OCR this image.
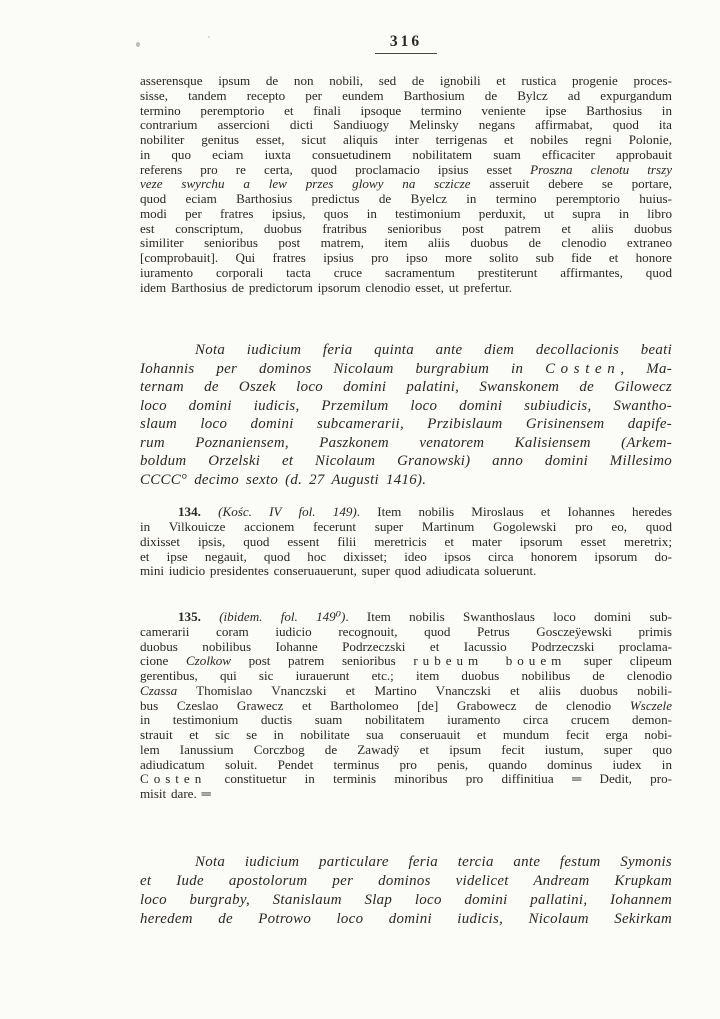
316
asserensque ipsum de non nobili, sed de ignobili et rustica progenie proces-
sisse, tandem recepto per eundem Barthosium de Bylcz ad expurgandum
termino peremptorio et finali ipsoque termino veniente ipse Barthosius in
contrarium assercioni dicti Sandiuogy Melinsky negans affirmabat, quod ita
nobiliter genitus esset, sicut aliquis inter terrigenas et nobiles regni Polonie,
in quo eciam iuxta consuetudinem nobilitatem suam efficaciter approbauit
referens pro re certa, quod proclamacio ipsius esset Proszna clenotu trszy
veze swyrchu a lew przes glowy na sczicze asseruit debere se portare,
quod eciam Barthosius predictus de Byelcz in termino peremptorio huius-
modi per fratres ipsius, quos in testimonium perduxit, ut supra in libro
est conscriptum, duobus fratribus senioribus post patrem et aliis duobus
similiter senioribus post matrem, item aliis duobus de clenodio extraneo
[comprobauit]. Qui fratres ipsius pro ipso more solito sub fide et honore
iuramento corporali tacta cruce sacramentum prestiterunt affirmantes, quod
idem Barthosius de predictorum ipsorum clenodio esset, ut prefertur.
Nota iudicium feria quinta ante diem decollacionis beati
Iohannis per dominos Nicolaum burgrabium in Costen, Ma-
ternam de Oszek loco domini palatini, Swanskonem de Gilowecz
loco domini iudicis, Przemilum loco domini subiudicis, Swantho-
slaum loco domini subcamerarii, Przibislaum Grisinensem dapife-
rum Poznaniensem, Paszkonem venatorem Kalisiensem (Arkem-
boldum Orzelski et Nicolaum Granowski) anno domini Millesimo
CCCC° decimo sexto (d. 27 Augusti 1416).
134. (Kośc. IV fol. 149). Item nobilis Miroslaus et Iohannes heredes
in Vilkouicze accionem fecerunt super Martinum Gogolewski pro eo, quod
dixisset ipsis, quod essent filii meretricis et mater ipsorum esset meretrix;
et ipse negauit, quod hoc dixisset; ideo ipsos circa honorem ipsorum do-
mini iudicio presidentes conseruauerunt, super quod adiudicata soluerunt.
135. (ibidem. fol. 149⁰). Item nobilis Swanthoslaus loco domini sub-
camerarii coram iudicio recognouit, quod Petrus Gosczeÿewski primis
duobus nobilibus Iohanne Podrzeczski et Iacussio Podrzeczski proclama-
cione Czolkow post patrem senioribus rubeum bouem super clipeum
gerentibus, qui sic iurauerunt etc.; item duobus nobilibus de clenodio
Czassa Thomislao Vnanczski et Martino Vnanczski et aliis duobus nobili-
bus Czeslao Grawecz et Bartholomeo [de] Grabowecz de clenodio Wsczele
in testimonium ductis suam nobilitatem iuramento circa crucem demon-
strauit et sic se in nobilitate sua conseruauit et mundum fecit erga nobi-
lem Ianussium Corczbog de Zawadÿ et ipsum fecit iustum, super quo
adiudicatum soluit. Pendet terminus pro penis, quando dominus iudex in
Costen constituetur in terminis minoribus pro diffinitiua ═ Dedit, pro-
misit dare. ═
Nota iudicium particulare feria tercia ante festum Symonis
et Iude apostolorum per dominos videlicet Andream Krupkam
loco burgraby, Stanislaum Slap loco domini pallatini, Iohannem
heredem de Potrowo loco domini iudicis, Nicolaum Sekirkam
